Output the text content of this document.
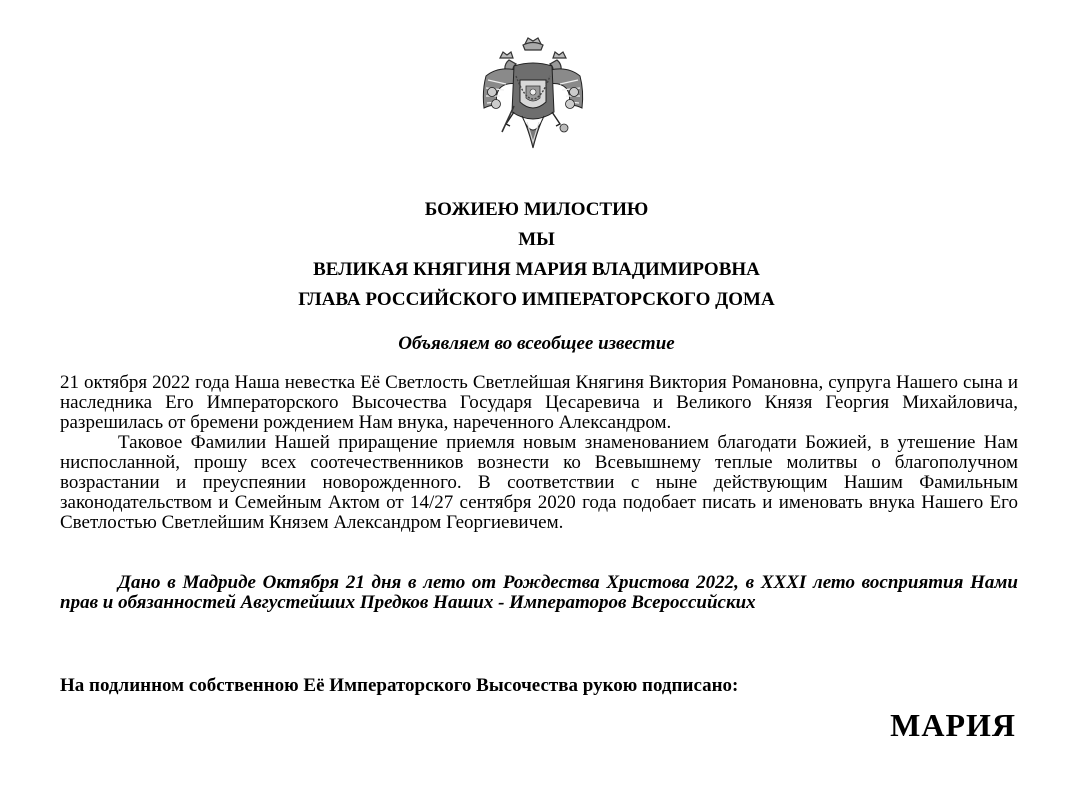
БОЖИЕЮ МИЛОСТИЮ
МЫ
ВЕЛИКАЯ КНЯГИНЯ МАРИЯ ВЛАДИМИРОВНА
ГЛАВА РОССИЙСКОГО ИМПЕРАТОРСКОГО ДОМА
Объявляем во всеобщее известие

21 октября 2022 года Наша невестка Её Светлость Светлейшая Княгиня Виктория Романовна, супруга Нашего сына и наследника Его Императорского Высочества Государя Цесаревича и Великого Князя Георгия Михайловича, разрешилась от бремени рождением Нам внука, нареченного Александром.

Таковое Фамилии Нашей приращение приемля новым знаменованием благодати Божией, в утешение Нам ниспосланной, прошу всех соотечественников вознести ко Всевышнему теплые молитвы о благополучном возрастании и преуспеянии новорожденного. В соответствии с ныне действующим Нашим Фамильным законодательством и Семейным Актом от 14/27 сентября 2020 года подобает писать и именовать внука Нашего Его Светлостью Светлейшим Князем Александром Георгиевичем.

Дано в Мадриде Октября 21 дня в лето от Рождества Христова 2022, в XXXI лето восприятия Нами прав и обязанностей Августейших Предков Наших - Императоров Всероссийских
На подлинном собственною Её Императорского Высочества рукою подписано:
МАРИЯ
